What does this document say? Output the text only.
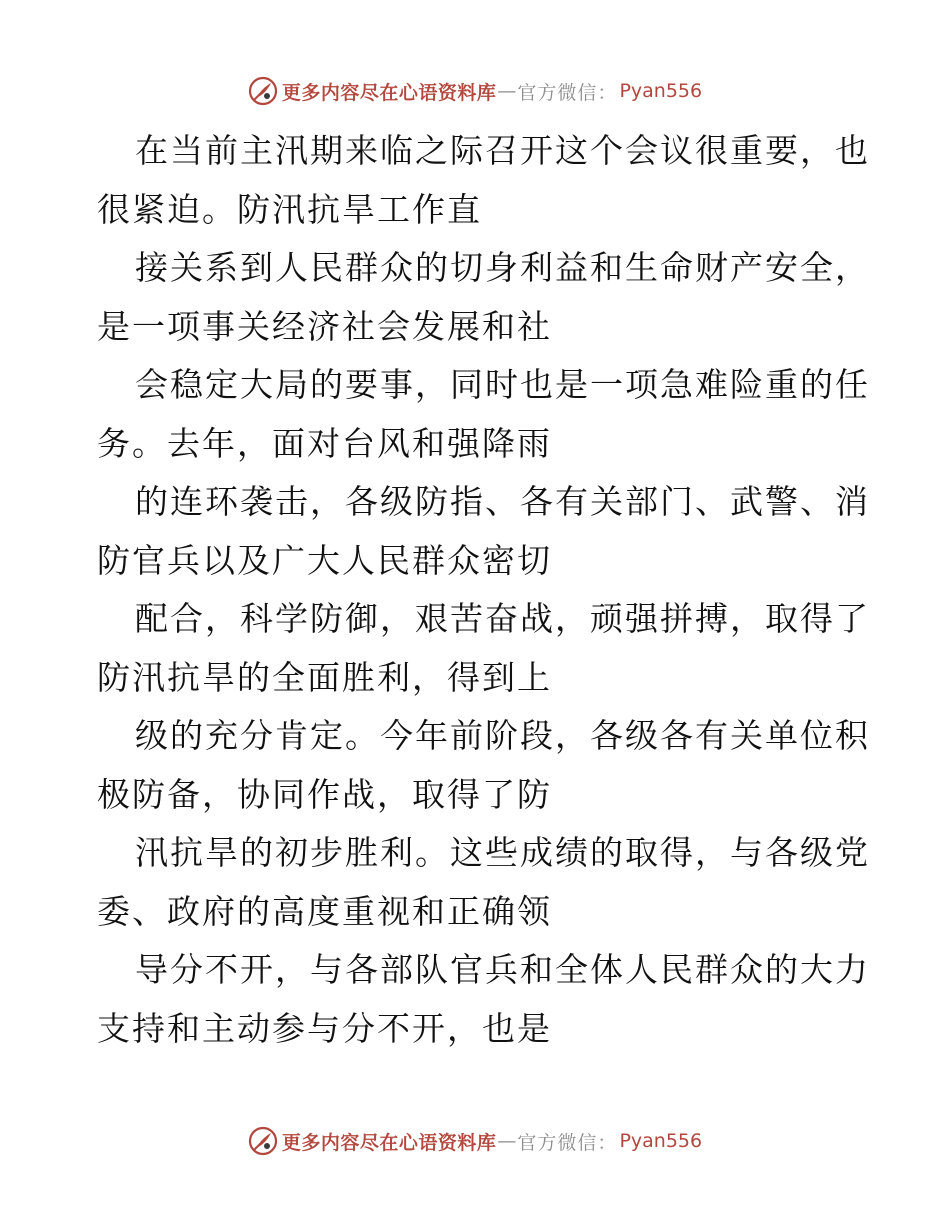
更多内容尽在心语资料库 — 官方微信： Pyan556
在当前主汛期来临之际召开这个会议很重要，也
很紧迫。防汛抗旱工作直
接关系到人民群众的切身利益和生命财产安全，
是一项事关经济社会发展和社
会稳定大局的要事，同时也是一项急难险重的任
务。去年，面对台风和强降雨
的连环袭击，各级防指、各有关部门、武警、消
防官兵以及广大人民群众密切
配合，科学防御，艰苦奋战，顽强拼搏，取得了
防汛抗旱的全面胜利，得到上
级的充分肯定。今年前阶段，各级各有关单位积
极防备，协同作战，取得了防
汛抗旱的初步胜利。这些成绩的取得，与各级党
委、政府的高度重视和正确领
导分不开，与各部队官兵和全体人民群众的大力
支持和主动参与分不开，也是
更多内容尽在心语资料库 — 官方微信： Pyan556
